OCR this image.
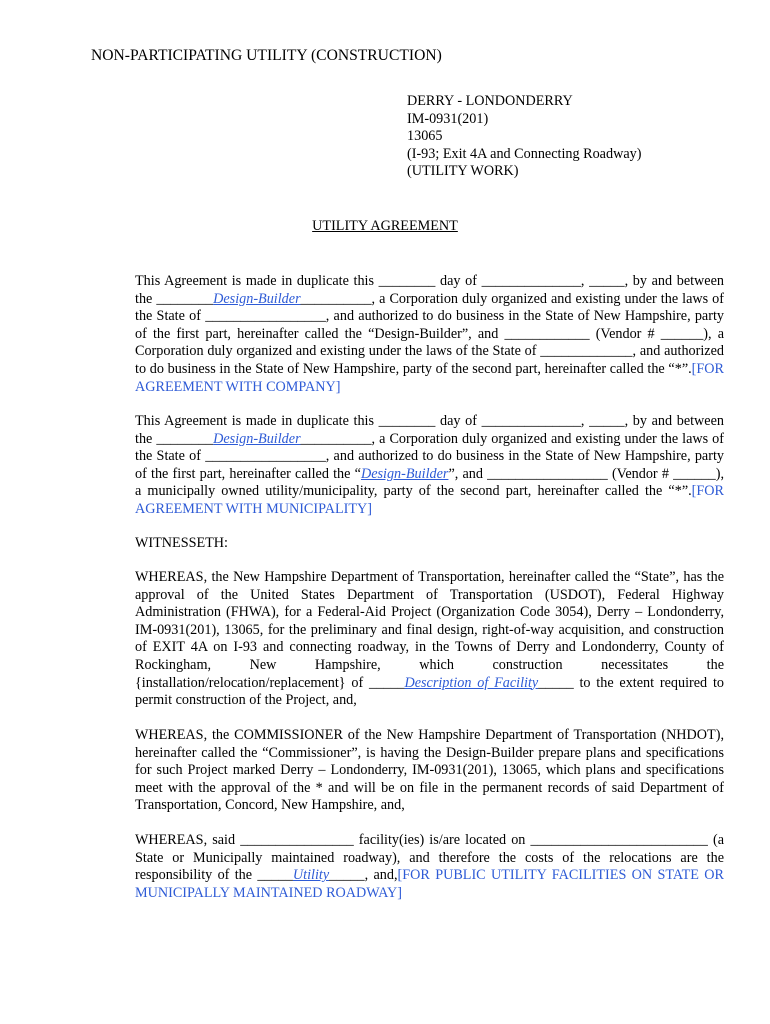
NON-PARTICIPATING UTILITY (CONSTRUCTION)
DERRY - LONDONDERRY
IM-0931(201)
13065
(I-93; Exit 4A and Connecting Roadway)
(UTILITY WORK)
UTILITY AGREEMENT
This Agreement is made in duplicate this ________ day of ______________, _____, by and between the ________Design-Builder__________, a Corporation duly organized and existing under the laws of the State of _________________, and authorized to do business in the State of New Hampshire, party of the first part, hereinafter called the “Design-Builder”, and ____________ (Vendor # ______), a Corporation duly organized and existing under the laws of the State of _____________, and authorized to do business in the State of New Hampshire, party of the second part, hereinafter called the “*”.[FOR AGREEMENT WITH COMPANY]
This Agreement is made in duplicate this ________ day of ______________, _____, by and between the ________Design-Builder__________, a Corporation duly organized and existing under the laws of the State of _________________, and authorized to do business in the State of New Hampshire, party of the first part, hereinafter called the “Design-Builder”, and _________________ (Vendor # ______), a municipally owned utility/municipality, party of the second part, hereinafter called the “*”.[FOR AGREEMENT WITH MUNICIPALITY]
WITNESSETH:
WHEREAS, the New Hampshire Department of Transportation, hereinafter called the “State”, has the approval of the United States Department of Transportation (USDOT), Federal Highway Administration (FHWA), for a Federal-Aid Project (Organization Code 3054), Derry – Londonderry, IM-0931(201), 13065, for the preliminary and final design, right-of-way acquisition, and construction of EXIT 4A on I-93 and connecting roadway, in the Towns of Derry and Londonderry, County of Rockingham, New Hampshire, which construction necessitates the {installation/relocation/replacement} of _____Description of Facility_____ to the extent required to permit construction of the Project, and,
WHEREAS, the COMMISSIONER of the New Hampshire Department of Transportation (NHDOT), hereinafter called the “Commissioner”, is having the Design-Builder prepare plans and specifications for such Project marked Derry – Londonderry, IM-0931(201), 13065, which plans and specifications meet with the approval of the * and will be on file in the permanent records of said Department of Transportation, Concord, New Hampshire, and,
WHEREAS, said ________________ facility(ies) is/are located on _________________________ (a State or Municipally maintained roadway), and therefore the costs of the relocations are the responsibility of the _____Utility_____, and,[FOR PUBLIC UTILITY FACILITIES ON STATE OR MUNICIPALLY MAINTAINED ROADWAY]
